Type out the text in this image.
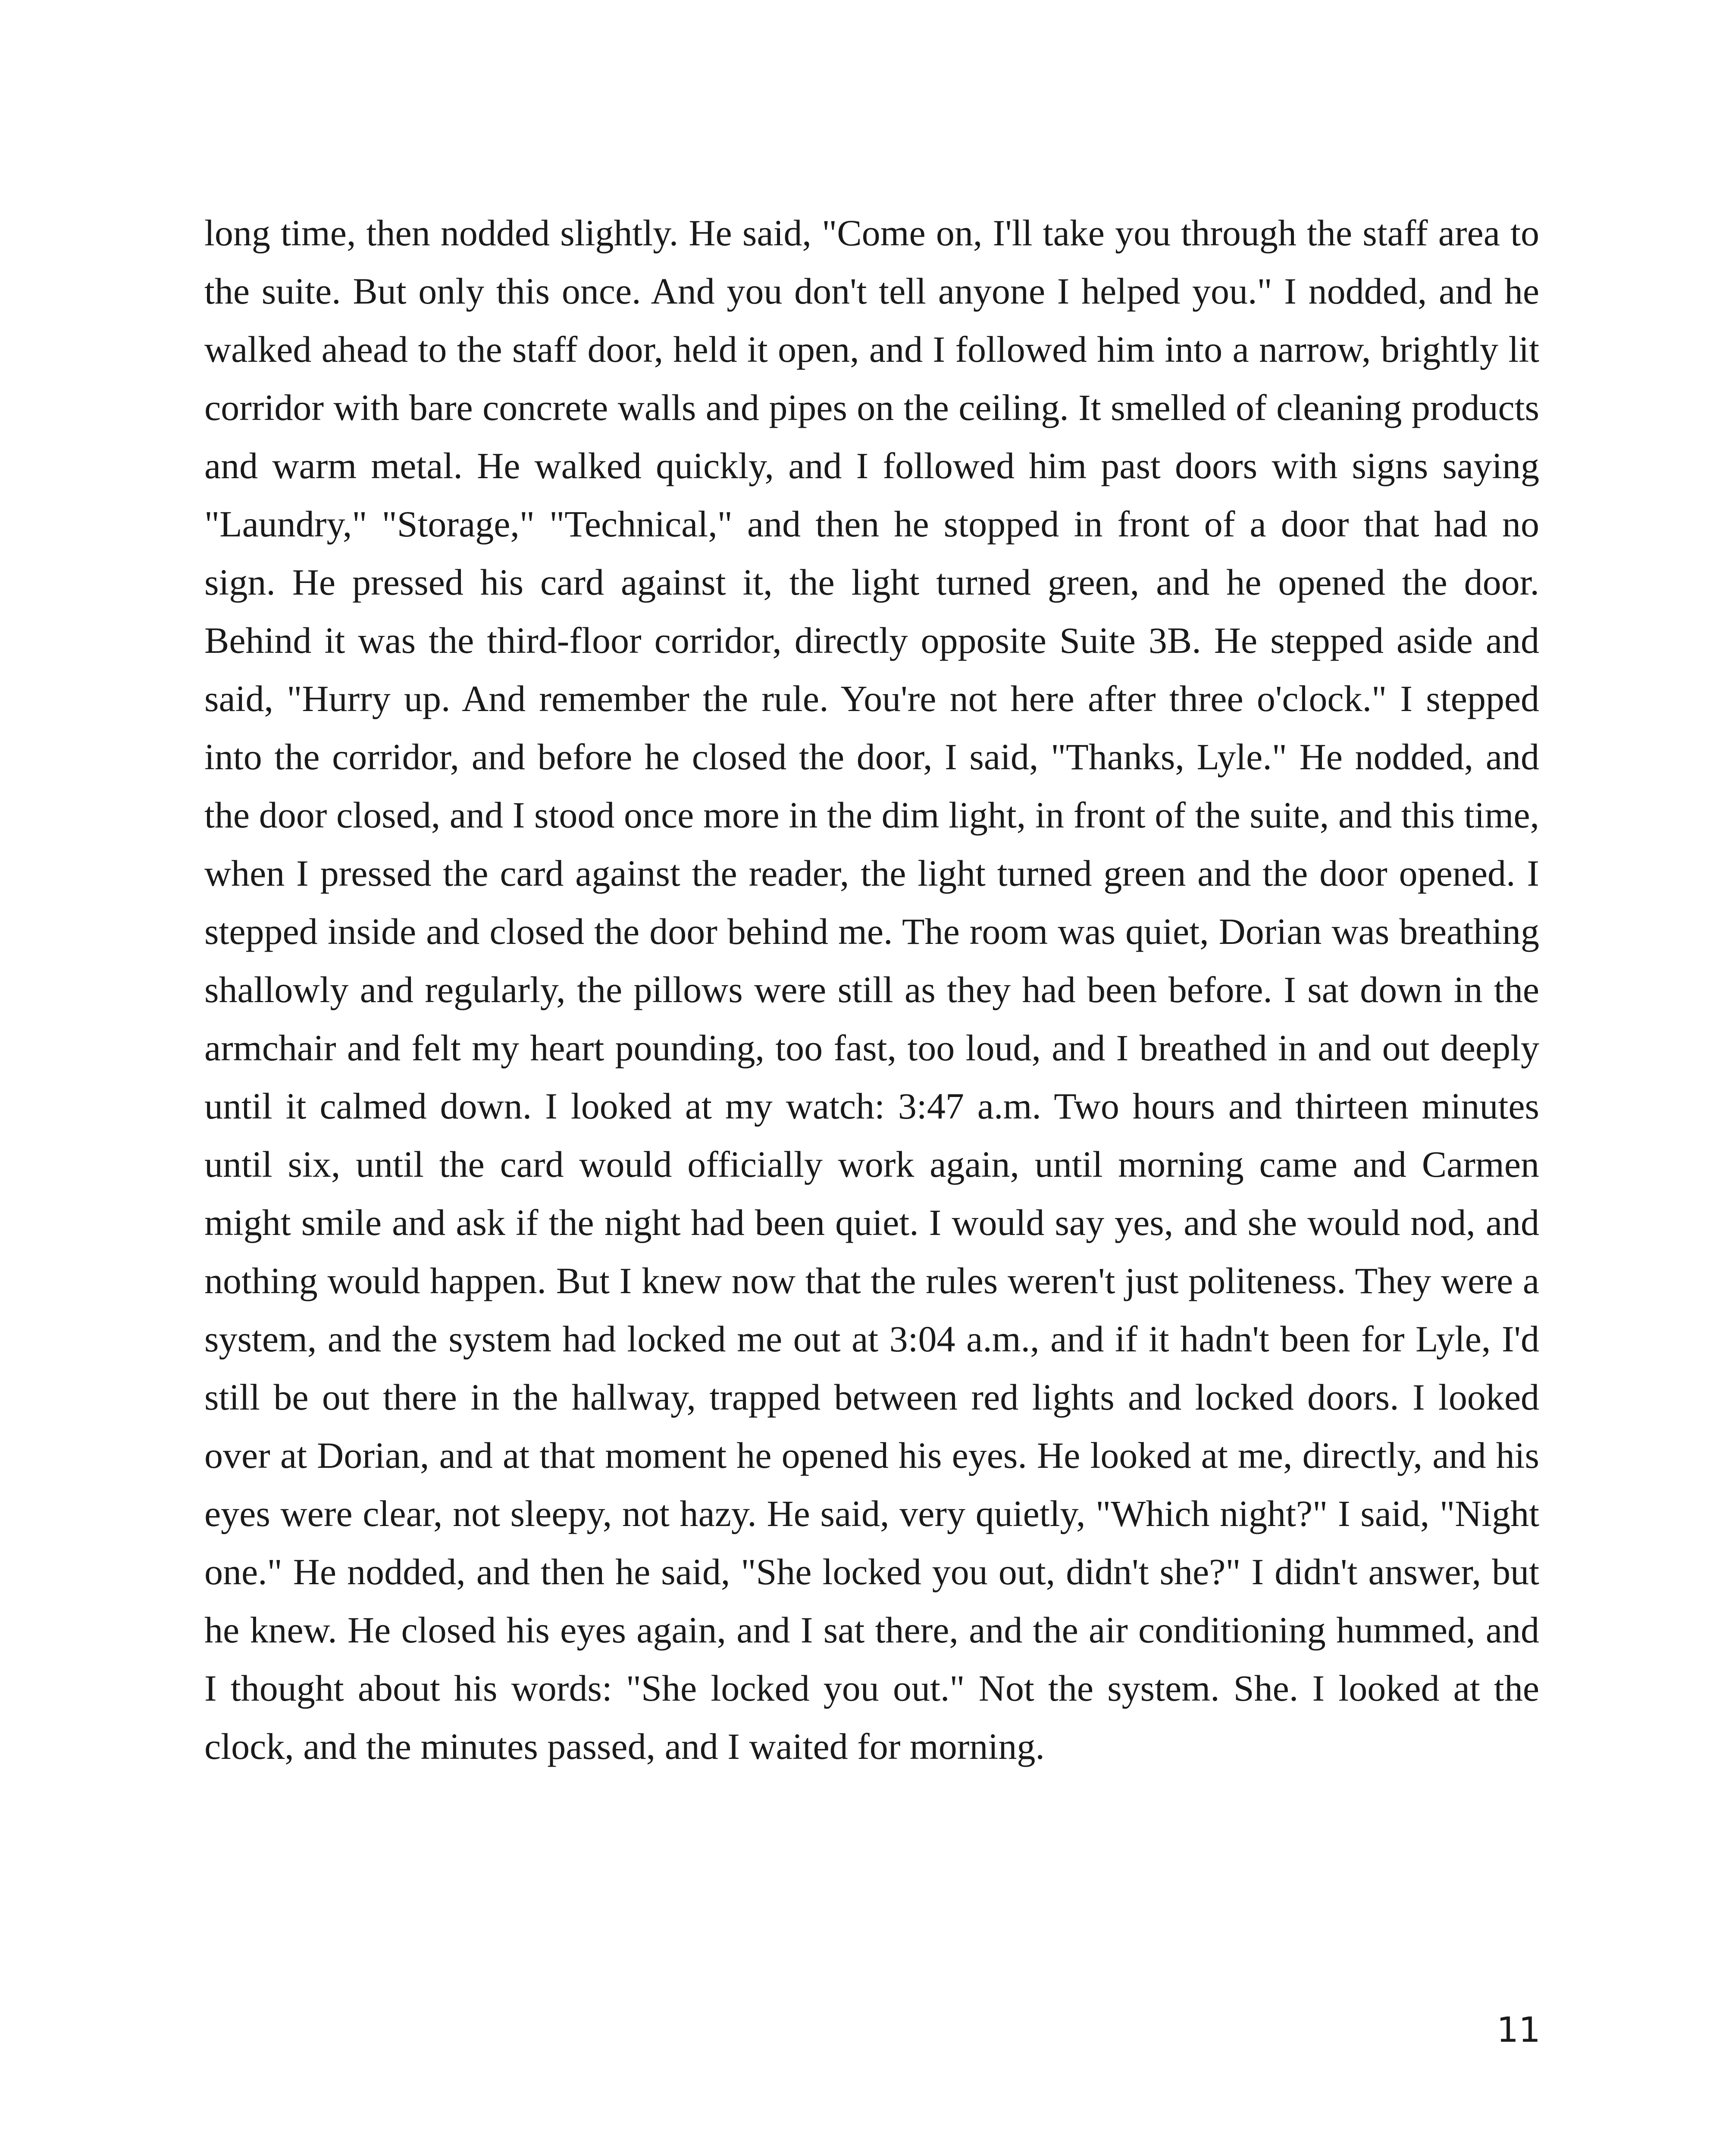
long time, then nodded slightly. He said, "Come on, I'll take you through the staff area to the suite. But only this once. And you don't tell anyone I helped you." I nodded, and he walked ahead to the staff door, held it open, and I followed him into a narrow, brightly lit corridor with bare concrete walls and pipes on the ceiling. It smelled of cleaning products and warm metal. He walked quickly, and I followed him past doors with signs saying "Laundry," "Storage," "Technical," and then he stopped in front of a door that had no sign. He pressed his card against it, the light turned green, and he opened the door. Behind it was the third-floor corridor, directly opposite Suite 3B. He stepped aside and said, "Hurry up. And remember the rule. You're not here after three o'clock." I stepped into the corridor, and before he closed the door, I said, "Thanks, Lyle." He nodded, and the door closed, and I stood once more in the dim light, in front of the suite, and this time, when I pressed the card against the reader, the light turned green and the door opened. I stepped inside and closed the door behind me. The room was quiet, Dorian was breathing shallowly and regularly, the pillows were still as they had been before. I sat down in the armchair and felt my heart pounding, too fast, too loud, and I breathed in and out deeply until it calmed down. I looked at my watch: 3:47 a.m. Two hours and thirteen minutes until six, until the card would officially work again, until morning came and Carmen might smile and ask if the night had been quiet. I would say yes, and she would nod, and nothing would happen. But I knew now that the rules weren't just politeness. They were a system, and the system had locked me out at 3:04 a.m., and if it hadn't been for Lyle, I'd still be out there in the hallway, trapped between red lights and locked doors. I looked over at Dorian, and at that moment he opened his eyes. He looked at me, directly, and his eyes were clear, not sleepy, not hazy. He said, very quietly, "Which night?" I said, "Night one." He nodded, and then he said, "She locked you out, didn't she?" I didn't answer, but he knew. He closed his eyes again, and I sat there, and the air conditioning hummed, and I thought about his words: "She locked you out." Not the system. She. I looked at the clock, and the minutes passed, and I waited for morning.

11
